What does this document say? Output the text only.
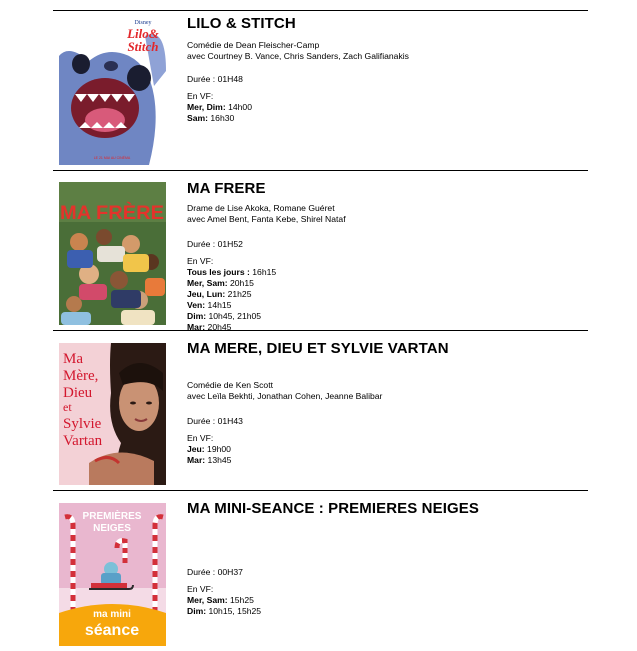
Disney
Lilo&
Stitch
LE 21 MAI AU CINÉMA
LILO & STITCH
Comédie de Dean Fleischer-Camp
avec Courtney B. Vance, Chris Sanders, Zach Galifianakis
Durée : 01H48
En VF:
Mer, Dim: 14h00
Sam: 16h30
MA FRÈRE
MA FRERE
Drame de Lise Akoka, Romane Guéret
avec Amel Bent, Fanta Kebe, Shirel Nataf
Durée : 01H52
En VF:
Tous les jours : 16h15
Mer, Sam: 20h15
Jeu, Lun: 21h25
Ven: 14h15
Dim: 10h45, 21h05
Mar: 20h45
Ma
Mère,
Dieu
et
Sylvie
Vartan
MA MERE, DIEU ET SYLVIE VARTAN
Comédie de Ken Scott
avec Leïla Bekhti, Jonathan Cohen, Jeanne Balibar
Durée : 01H43
En VF:
Jeu: 19h00
Mar: 13h45
PREMIÈRES
NEIGES
ma mini
séance
MA MINI-SEANCE : PREMIERES NEIGES
Durée : 00H37
En VF:
Mer, Sam: 15h25
Dim: 10h15, 15h25
